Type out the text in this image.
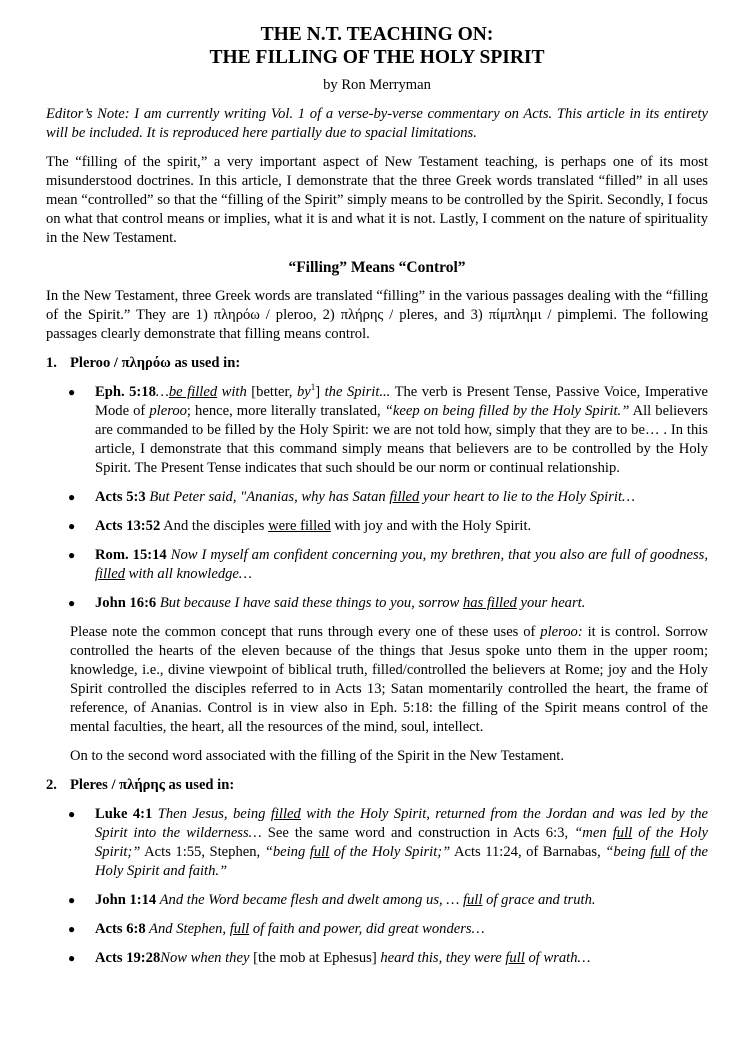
THE N.T. TEACHING ON:
THE FILLING OF THE HOLY SPIRIT
by Ron Merryman

Editor’s Note: I am currently writing Vol. 1 of a verse-by-verse commentary on Acts. This article in its entirety will be included. It is reproduced here partially due to spacial limitations.

The “filling of the spirit,” a very important aspect of New Testament teaching, is perhaps one of its most misunderstood doctrines. In this article, I demonstrate that the three Greek words translated “filled” in all uses mean “controlled” so that the “filling of the Spirit” simply means to be controlled by the Spirit. Secondly, I focus on what that control means or implies, what it is and what it is not. Lastly, I comment on the nature of spirituality in the New Testament.

“Filling” Means “Control”

In the New Testament, three Greek words are translated “filling” in the various passages dealing with the “filling of the Spirit.” They are 1) πληρόω / pleroo, 2) πλήρης / pleres, and 3) πίμπλημι / pimplemi. The following passages clearly demonstrate that filling means control.

1. Pleroo / πληρόω as used in:
● Eph. 5:18…be filled with [better, $by^1$] the Spirit... The verb is Present Tense, Passive Voice, Imperative Mode of pleroo; hence, more literally translated, “keep on being filled by the Holy Spirit.” All believers are commanded to be filled by the Holy Spirit: we are not told how, simply that they are to be… . In this article, I demonstrate that this command simply means that believers are to be controlled by the Holy Spirit. The Present Tense indicates that such should be our norm or continual relationship.
● Acts 5:3 But Peter said, "Ananias, why has Satan filled your heart to lie to the Holy Spirit…
● Acts 13:52 And the disciples were filled with joy and with the Holy Spirit.
● Rom. 15:14 Now I myself am confident concerning you, my brethren, that you also are full of goodness, filled with all knowledge…
● John 16:6 But because I have said these things to you, sorrow has filled your heart.

Please note the common concept that runs through every one of these uses of pleroo: it is control. Sorrow controlled the hearts of the eleven because of the things that Jesus spoke unto them in the upper room; knowledge, i.e., divine viewpoint of biblical truth, filled/controlled the believers at Rome; joy and the Holy Spirit controlled the disciples referred to in Acts 13; Satan momentarily controlled the heart, the frame of reference, of Ananias. Control is in view also in Eph. 5:18: the filling of the Spirit means control of the mental faculties, the heart, all the resources of the mind, soul, intellect.

On to the second word associated with the filling of the Spirit in the New Testament.

2. Pleres / πλήρης as used in:
● Luke 4:1 Then Jesus, being filled with the Holy Spirit, returned from the Jordan and was led by the Spirit into the wilderness… See the same word and construction in Acts 6:3, “men full of the Holy Spirit;” Acts 1:55, Stephen, “being full of the Holy Spirit;” Acts 11:24, of Barnabas, “being full of the Holy Spirit and faith.”
● John 1:14 And the Word became flesh and dwelt among us, … full of grace and truth.
● Acts 6:8 And Stephen, full of faith and power, did great wonders…
● Acts 19:28Now when they [the mob at Ephesus] heard this, they were full of wrath…
